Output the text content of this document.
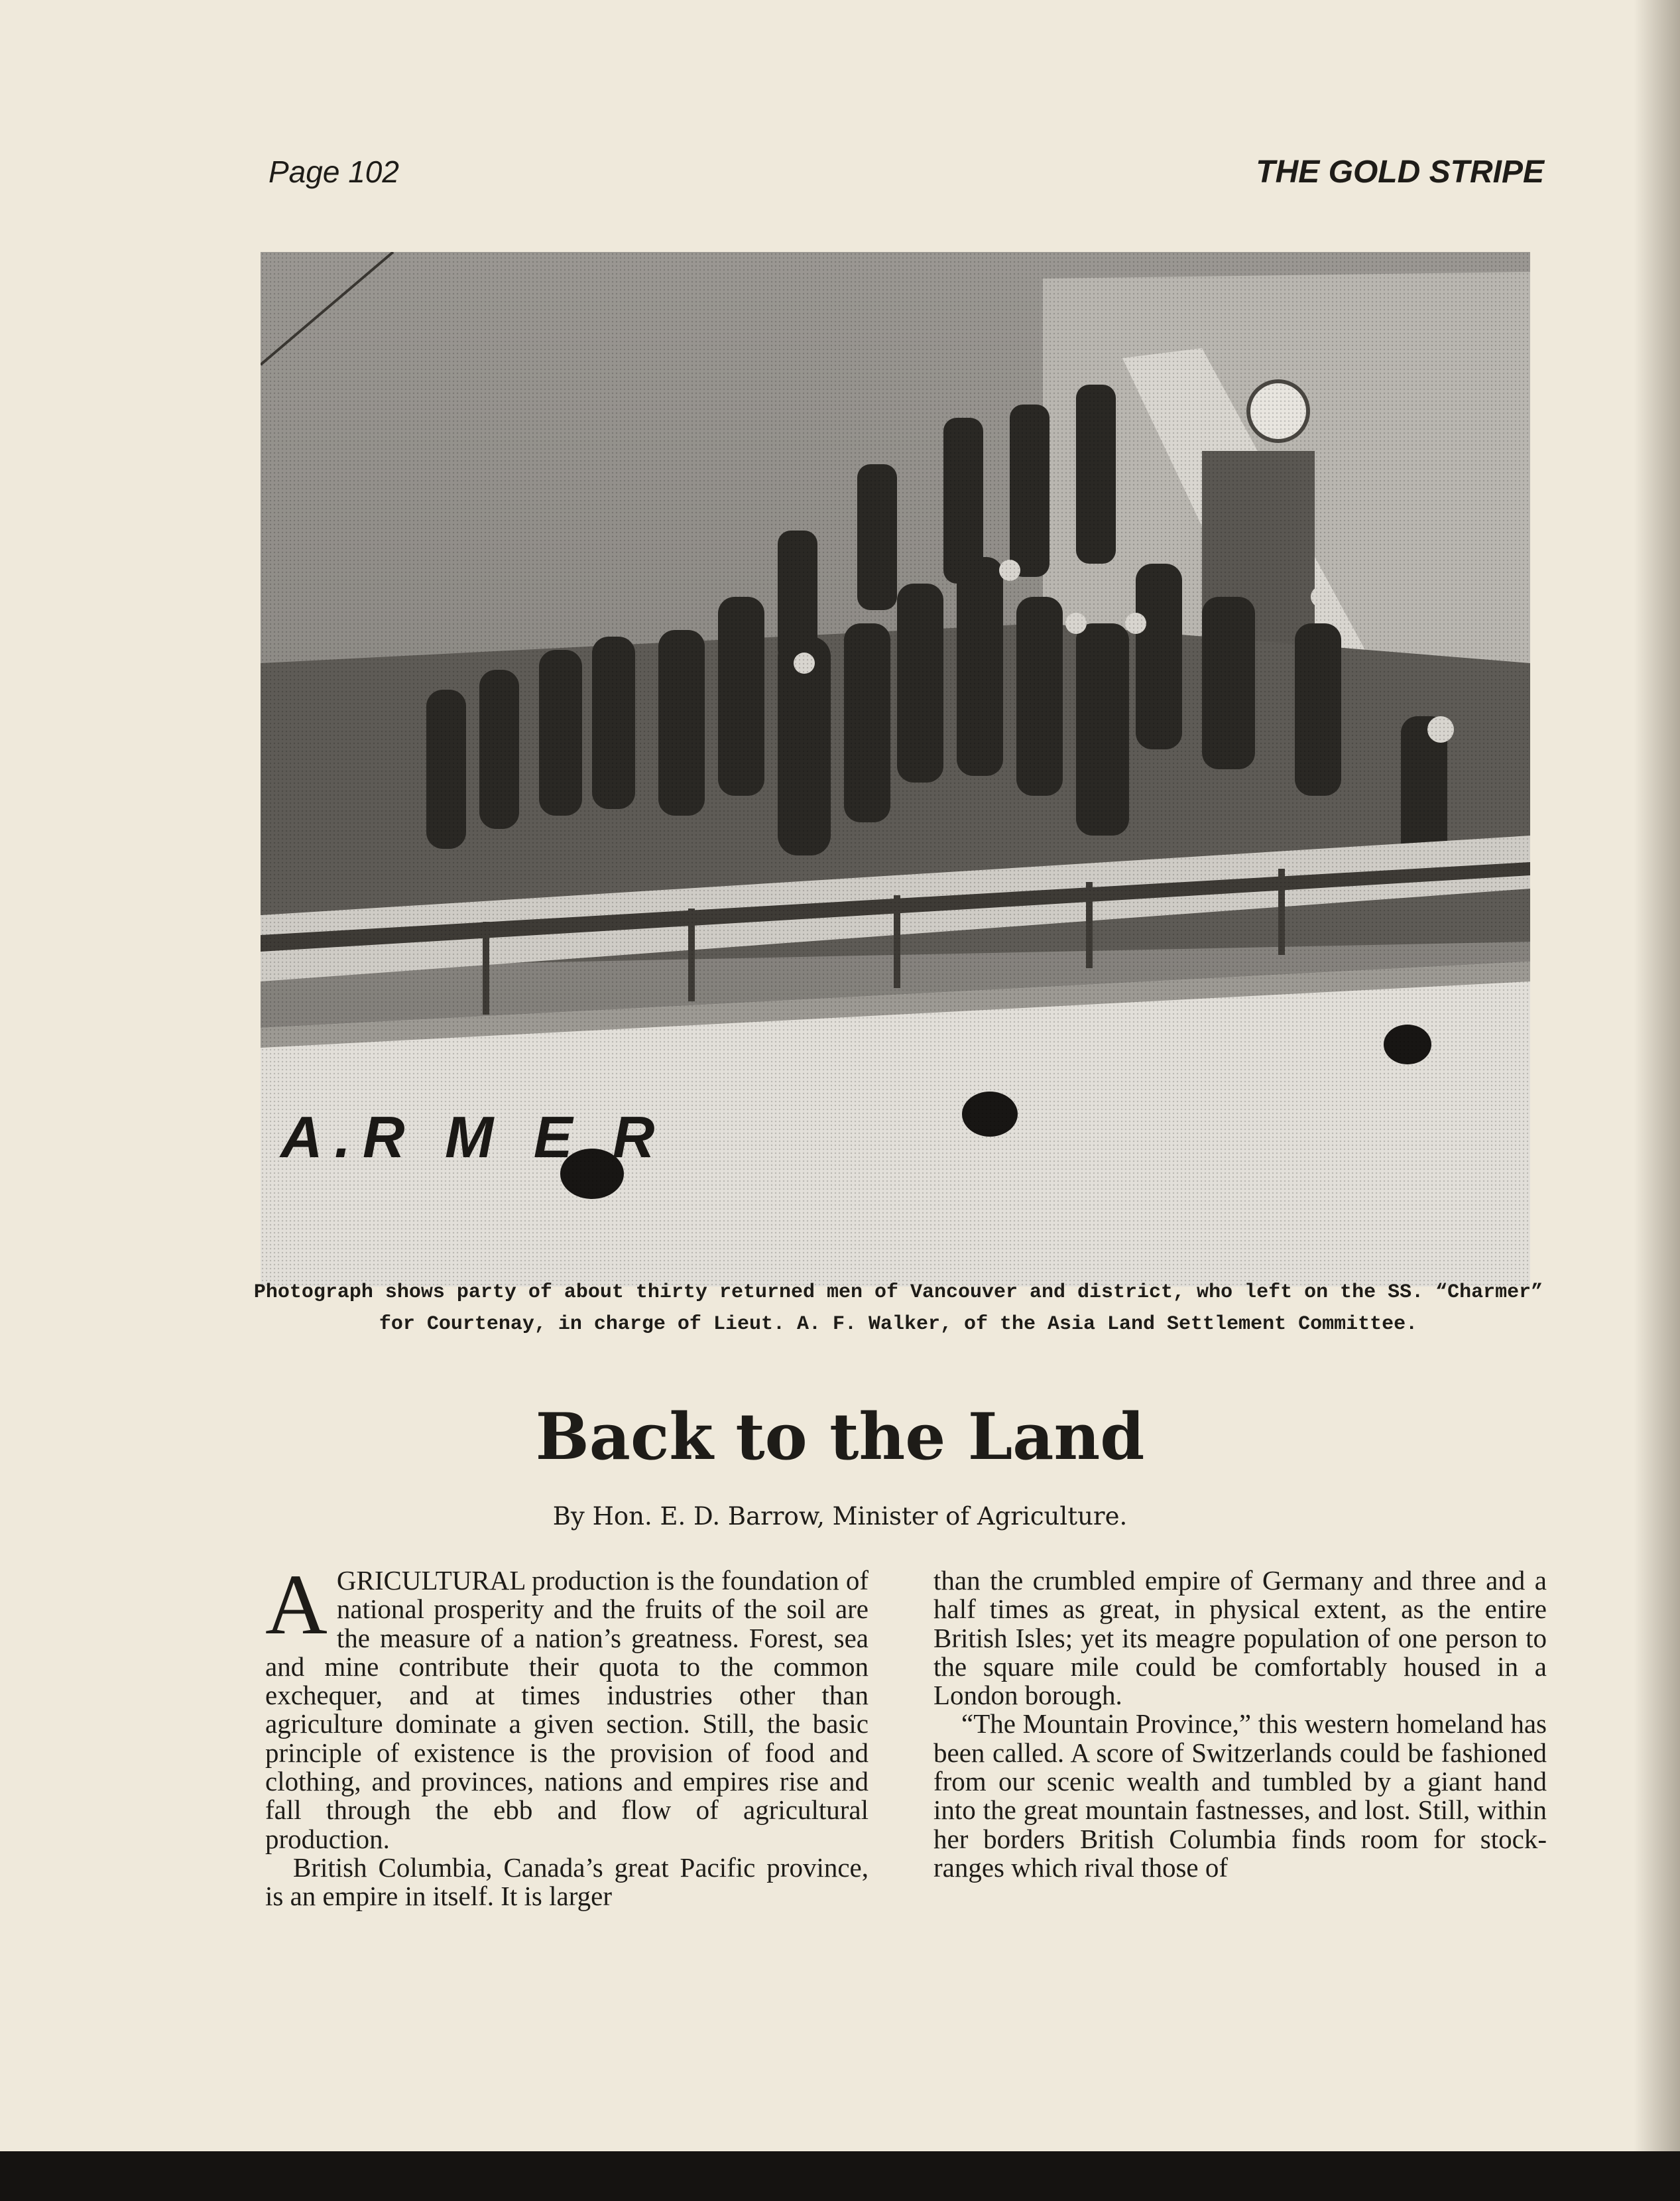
Page 102	THE GOLD STRIPE
Photograph shows party of about thirty returned men of Vancouver and district, who left on the SS. “Charmer”
for Courtenay, in charge of Lieut. A. F. Walker, of the Asia Land Settlement Committee.
Back to the Land
By Hon. E. D. Barrow, Minister of Agriculture.

AGRICULTURAL production is the foundation of national prosperity and the fruits of the soil are the measure of a nation’s greatness. Forest, sea and mine contribute their quota to the common exchequer, and at times industries other than agriculture dominate a given section. Still, the basic principle of existence is the provision of food and clothing, and provinces, nations and empires rise and fall through the ebb and flow of agricultural production.

British Columbia, Canada’s great Pacific province, is an empire in itself. It is larger

than the crumbled empire of Germany and three and a half times as great, in physical extent, as the entire British Isles; yet its meagre population of one person to the square mile could be comfortably housed in a London borough.

“The Mountain Province,” this western homeland has been called. A score of Switzerlands could be fashioned from our scenic wealth and tumbled by a giant hand into the great mountain fastnesses, and lost. Still, within her borders British Columbia finds room for stock-ranges which rival those of
